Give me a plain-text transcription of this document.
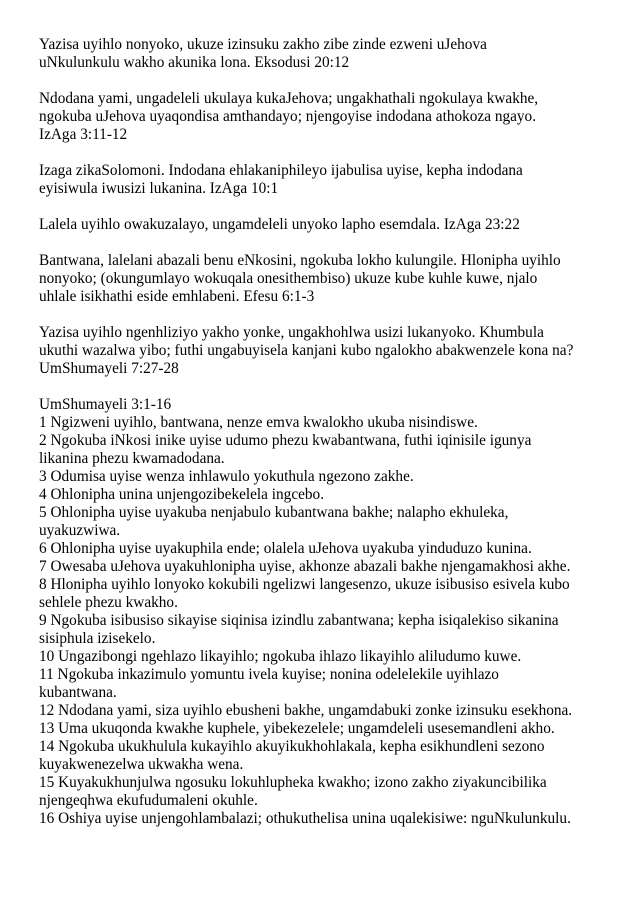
Yazisa uyihlo nonyoko, ukuze izinsuku zakho zibe zinde ezweni uJehova
uNkulunkulu wakho akunika lona. Eksodusi 20:12

Ndodana yami, ungadeleli ukulaya kukaJehova; ungakhathali ngokulaya kwakhe,
ngokuba uJehova uyaqondisa amthandayo; njengoyise indodana athokoza ngayo.
IzAga 3:11-12

Izaga zikaSolomoni. Indodana ehlakaniphileyo ijabulisa uyise, kepha indodana
eyisiwula iwusizi lukanina. IzAga 10:1

Lalela uyihlo owakuzalayo, ungamdeleli unyoko lapho esemdala. IzAga 23:22

Bantwana, lalelani abazali benu eNkosini, ngokuba lokho kulungile. Hlonipha uyihlo
nonyoko; (okungumlayo wokuqala onesithembiso) ukuze kube kuhle kuwe, njalo
uhlale isikhathi eside emhlabeni. Efesu 6:1-3

Yazisa uyihlo ngenhliziyo yakho yonke, ungakhohlwa usizi lukanyoko. Khumbula
ukuthi wazalwa yibo; futhi ungabuyisela kanjani kubo ngalokho abakwenzele kona na?
UmShumayeli 7:27-28

UmShumayeli 3:1-16
1 Ngizweni uyihlo, bantwana, nenze emva kwalokho ukuba nisindiswe.
2 Ngokuba iNkosi inike uyise udumo phezu kwabantwana, futhi iqinisile igunya
likanina phezu kwamadodana.
3 Odumisa uyise wenza inhlawulo yokuthula ngezono zakhe.
4 Ohlonipha unina unjengozibekelela ingcebo.
5 Ohlonipha uyise uyakuba nenjabulo kubantwana bakhe; nalapho ekhuleka,
uyakuzwiwa.
6 Ohlonipha uyise uyakuphila ende; olalela uJehova uyakuba yinduduzo kunina.
7 Owesaba uJehova uyakuhlonipha uyise, akhonze abazali bakhe njengamakhosi akhe.
8 Hlonipha uyihlo lonyoko kokubili ngelizwi langesenzo, ukuze isibusiso esivela kubo
sehlele phezu kwakho.
9 Ngokuba isibusiso sikayise siqinisa izindlu zabantwana; kepha isiqalekiso sikanina
sisiphula izisekelo.
10 Ungazibongi ngehlazo likayihlo; ngokuba ihlazo likayihlo aliludumo kuwe.
11 Ngokuba inkazimulo yomuntu ivela kuyise; nonina odelelekile uyihlazo
kubantwana.
12 Ndodana yami, siza uyihlo ebusheni bakhe, ungamdabuki zonke izinsuku esekhona.
13 Uma ukuqonda kwakhe kuphele, yibekezelele; ungamdeleli usesemandleni akho.
14 Ngokuba ukukhulula kukayihlo akuyikukhohlakala, kepha esikhundleni sezono
kuyakwenezelwa ukwakha wena.
15 Kuyakukhunjulwa ngosuku lokuhlupheka kwakho; izono zakho ziyakuncibilika
njengeqhwa ekufudumaleni okuhle.
16 Oshiya uyise unjengohlambalazi; othukuthelisa unina uqalekisiwe: nguNkulunkulu.
